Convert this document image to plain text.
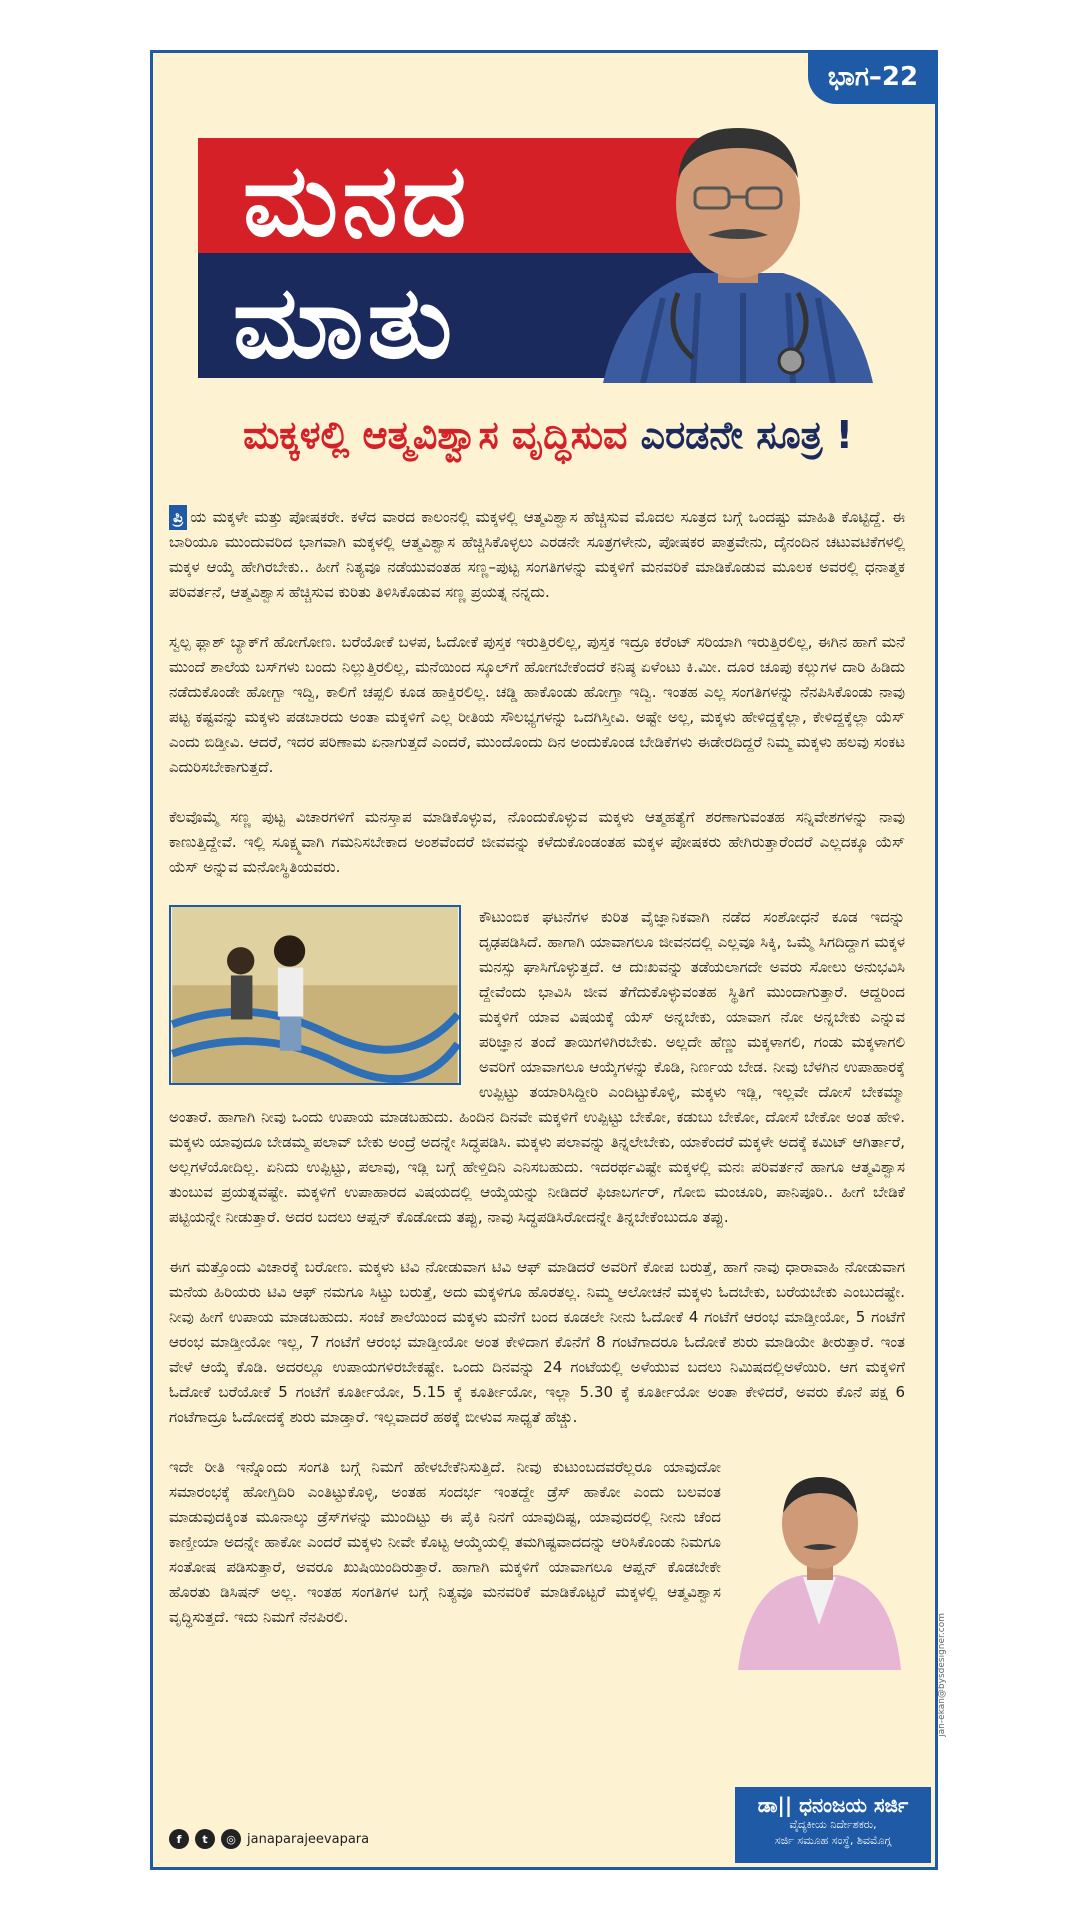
ಭಾಗ–22
ಮನದ
ಮಾತು
ಮಕ್ಕಳಲ್ಲಿ ಆತ್ಮವಿಶ್ವಾಸ ವೃದ್ಧಿಸುವ ಎರಡನೇ ಸೂತ್ರ !

ಪ್ರಿ ಯ ಮಕ್ಕಳೇ ಮತ್ತು ಪೋಷಕರೇ. ಕಳೆದ ವಾರದ ಕಾಲಂನಲ್ಲಿ ಮಕ್ಕಳಲ್ಲಿ ಆತ್ಮವಿಶ್ವಾಸ ಹೆಚ್ಚಿಸುವ ಮೊದಲ ಸೂತ್ರದ ಬಗ್ಗೆ ಒಂದಷ್ಟು ಮಾಹಿತಿ ಕೊಟ್ಟಿದ್ದೆ. ಈ ಬಾರಿಯೂ ಮುಂದುವರಿದ ಭಾಗವಾಗಿ ಮಕ್ಕಳಲ್ಲಿ ಆತ್ಮವಿಶ್ವಾಸ ಹೆಚ್ಚಿಸಿಕೊಳ್ಳಲು ಎರಡನೇ ಸೂತ್ರಗಳೇನು, ಪೋಷಕರ ಪಾತ್ರವೇನು, ದೈನಂದಿನ ಚಟುವಟಿಕೆಗಳಲ್ಲಿ ಮಕ್ಕಳ ಆಯ್ಕೆ ಹೇಗಿರಬೇಕು.. ಹೀಗೆ ನಿತ್ಯವೂ ನಡೆಯುವಂತಹ ಸಣ್ಣ–ಪುಟ್ಟ ಸಂಗತಿಗಳನ್ನು ಮಕ್ಕಳಿಗೆ ಮನವರಿಕೆ ಮಾಡಿಕೊಡುವ ಮೂಲಕ ಅವರಲ್ಲಿ ಧನಾತ್ಮಕ ಪರಿವರ್ತನೆ, ಆತ್ಮವಿಶ್ವಾಸ ಹೆಚ್ಚಿಸುವ ಕುರಿತು ತಿಳಿಸಿಕೊಡುವ ಸಣ್ಣ ಪ್ರಯತ್ನ ನನ್ನದು.

ಸ್ವಲ್ಪ ಫ್ಲಾಶ್ ಬ್ಯಾಕ್‌ಗೆ ಹೋಗೋಣ. ಬರೆಯೋಕೆ ಬಳಪ, ಓದೋಕೆ ಪುಸ್ತಕ ಇರುತ್ತಿರಲಿಲ್ಲ, ಪುಸ್ತಕ ಇದ್ರೂ ಕರೆಂಟ್ ಸರಿಯಾಗಿ ಇರುತ್ತಿರಲಿಲ್ಲ, ಈಗಿನ ಹಾಗೆ ಮನೆ ಮುಂದೆ ಶಾಲೆಯ ಬಸ್‌ಗಳು ಬಂದು ನಿಲ್ಲುತ್ತಿರಲಿಲ್ಲ, ಮನೆಯಿಂದ ಸ್ಕೂಲ್‌ಗೆ ಹೋಗಬೇಕೆಂದರೆ ಕನಿಷ್ಠ ಏಳೆಂಟು ಕಿ.ಮೀ. ದೂರ ಚೂಪು ಕಲ್ಲುಗಳ ದಾರಿ ಹಿಡಿದು ನಡೆದುಕೊಂಡೇ ಹೋಗ್ಬಾ ಇದ್ವಿ, ಕಾಲಿಗೆ ಚಪ್ಪಲಿ ಕೂಡ ಹಾಕ್ತಿರಲಿಲ್ಲ. ಚಡ್ಡಿ ಹಾಕೊಂಡು ಹೋಗ್ತಾ ಇದ್ವಿ. ಇಂತಹ ಎಲ್ಲ ಸಂಗತಿಗಳನ್ನು ನೆನಪಿಸಿಕೊಂಡು ನಾವು ಪಟ್ಟ ಕಷ್ಟವನ್ನು ಮಕ್ಕಳು ಪಡಬಾರದು ಅಂತಾ ಮಕ್ಕಳಿಗೆ ಎಲ್ಲ ರೀತಿಯ ಸೌಲಭ್ಯಗಳನ್ನು ಒದಗಿಸ್ತೀವಿ. ಅಷ್ಟೇ ಅಲ್ಲ, ಮಕ್ಕಳು ಹೇಳಿದ್ದಕ್ಕೆಲ್ಲಾ, ಕೇಳಿದ್ದಕ್ಕೆಲ್ಲಾ ಯೆಸ್ ಎಂದು ಬಿಡ್ತೀವಿ. ಆದರೆ, ಇದರ ಪರಿಣಾಮ ಏನಾಗುತ್ತದೆ ಎಂದರೆ, ಮುಂದೊಂದು ದಿನ ಅಂದುಕೊಂಡ ಬೇಡಿಕೆಗಳು ಈಡೇರದಿದ್ದರೆ ನಿಮ್ಮ ಮಕ್ಕಳು ಹಲವು ಸಂಕಟ ಎದುರಿಸಬೇಕಾಗುತ್ತದೆ.

ಕೆಲವೊಮ್ಮೆ ಸಣ್ಣ ಪುಟ್ಟ ವಿಚಾರಗಳಿಗೆ ಮನಸ್ತಾಪ ಮಾಡಿಕೊಳ್ಳುವ, ನೊಂದುಕೊಳ್ಳುವ ಮಕ್ಕಳು ಆತ್ಮಹತ್ಯೆಗೆ ಶರಣಾಗುವಂತಹ ಸನ್ನಿವೇಶಗಳನ್ನು ನಾವು ಕಾಣುತ್ತಿದ್ದೇವೆ. ಇಲ್ಲಿ ಸೂಕ್ಷ್ಮವಾಗಿ ಗಮನಿಸಬೇಕಾದ ಅಂಶವೆಂದರೆ ಜೀವವನ್ನು ಕಳೆದುಕೊಂಡಂತಹ ಮಕ್ಕಳ ಪೋಷಕರು ಹೇಗಿರುತ್ತಾರೆಂದರೆ ಎಲ್ಲದಕ್ಕೂ ಯೆಸ್ ಯೆಸ್ ಅನ್ನುವ ಮನೋಸ್ಥಿತಿಯವರು.

ಕೌಟುಂಬಿಕ ಘಟನೆಗಳ ಕುರಿತ ವೈಜ್ಞಾನಿಕವಾಗಿ ನಡೆದ ಸಂಶೋಧನೆ ಕೂಡ ಇದನ್ನು ದೃಢಪಡಿಸಿದೆ. ಹಾಗಾಗಿ ಯಾವಾಗಲೂ ಜೀವನದಲ್ಲಿ ಎಲ್ಲವೂ ಸಿಕ್ಕಿ, ಒಮ್ಮೆ ಸಿಗದಿದ್ದಾಗ ಮಕ್ಕಳ ಮನಸ್ಸು ಘಾಸಿಗೊಳ್ಳುತ್ತದೆ. ಆ ದುಃಖವನ್ನು ತಡೆಯಲಾಗದೇ ಅವರು ಸೋಲು ಅನುಭವಿಸಿ ದ್ದೇವೆಂದು ಭಾವಿಸಿ ಜೀವ ತೆಗೆದುಕೊಳ್ಳುವಂತಹ ಸ್ಥಿತಿಗೆ ಮುಂದಾಗುತ್ತಾರೆ. ಆದ್ದರಿಂದ ಮಕ್ಕಳಿಗೆ ಯಾವ ವಿಷಯಕ್ಕೆ ಯೆಸ್ ಅನ್ನಬೇಕು, ಯಾವಾಗ ನೋ ಅನ್ನಬೇಕು ಎನ್ನುವ ಪರಿಜ್ಞಾನ ತಂದೆ ತಾಯಿಗಳಿಗಿರಬೇಕು. ಅಲ್ಲದೇ ಹೆಣ್ಣು ಮಕ್ಕಳಾಗಲಿ, ಗಂಡು ಮಕ್ಕಳಾಗಲಿ ಅವರಿಗೆ ಯಾವಾಗಲೂ ಆಯ್ಕೆಗಳನ್ನು ಕೊಡಿ, ನಿರ್ಣಯ ಬೇಡ. ನೀವು ಬೆಳಗಿನ ಉಪಾಹಾರಕ್ಕೆ ಉಪ್ಪಿಟ್ಟು ತಯಾರಿಸಿದ್ದೀರಿ ಎಂದಿಟ್ಟುಕೊಳ್ಳಿ, ಮಕ್ಕಳು ಇಡ್ಲಿ, ಇಲ್ಲವೇ ದೋಸೆ ಬೇಕಮ್ಮಾ ಅಂತಾರೆ. ಹಾಗಾಗಿ ನೀವು ಒಂದು ಉಪಾಯ ಮಾಡಬಹುದು. ಹಿಂದಿನ ದಿನವೇ ಮಕ್ಕಳಿಗೆ ಉಪ್ಪಿಟ್ಟು ಬೇಕೋ, ಕಡುಬು ಬೇಕೋ, ದೋಸೆ ಬೇಕೋ ಅಂತ ಹೇಳಿ. ಮಕ್ಕಳು ಯಾವುದೂ ಬೇಡಮ್ಮ ಪಲಾವ್ ಬೇಕು ಅಂದ್ರೆ ಅದನ್ನೇ ಸಿದ್ಧಪಡಿಸಿ. ಮಕ್ಕಳು ಪಲಾವನ್ನು ತಿನ್ನಲೇಬೇಕು, ಯಾಕೆಂದರೆ ಮಕ್ಕಳೇ ಅದಕ್ಕೆ ಕಮಿಟ್ ಆಗಿರ್ತಾರೆ, ಅಲ್ಲಗಳೆಯೋದಿಲ್ಲ. ಏನಿದು ಉಪ್ಪಿಟ್ಟು, ಪಲಾವು, ಇಡ್ಲಿ ಬಗ್ಗೆ ಹೇಳ್ತಿದಿನಿ ಎನಿಸಬಹುದು. ಇದರರ್ಥವಿಷ್ಟೇ ಮಕ್ಕಳಲ್ಲಿ ಮನಃ ಪರಿವರ್ತನೆ ಹಾಗೂ ಆತ್ಮವಿಶ್ವಾಸ ತುಂಬುವ ಪ್ರಯತ್ನವಷ್ಟೇ. ಮಕ್ಕಳಿಗೆ ಉಪಾಹಾರದ ವಿಷಯದಲ್ಲಿ ಆಯ್ಕೆಯನ್ನು ನೀಡಿದರೆ ಫಿಜಾಬರ್ಗರ್, ಗೋಬಿ ಮಂಚೂರಿ, ಪಾನಿಪೂರಿ.. ಹೀಗೆ ಬೇಡಿಕೆ ಪಟ್ಟಿಯನ್ನೇ ನೀಡುತ್ತಾರೆ. ಅದರ ಬದಲು ಆಪ್ಷನ್ ಕೊಡೋದು ತಪ್ಪು, ನಾವು ಸಿದ್ಧಪಡಿಸಿರೋದನ್ನೇ ತಿನ್ನಬೇಕೆಂಬುದೂ ತಪ್ಪು.

ಈಗ ಮತ್ತೊಂದು ವಿಚಾರಕ್ಕೆ ಬರೋಣ. ಮಕ್ಕಳು ಟಿವಿ ನೋಡುವಾಗ ಟಿವಿ ಆಫ್ ಮಾಡಿದರೆ ಅವರಿಗೆ ಕೋಪ ಬರುತ್ತೆ, ಹಾಗೆ ನಾವು ಧಾರಾವಾಹಿ ನೋಡುವಾಗ ಮನೆಯ ಹಿರಿಯರು ಟಿವಿ ಆಫ್ ನಮಗೂ ಸಿಟ್ಟು ಬರುತ್ತೆ, ಅದು ಮಕ್ಕಳಿಗೂ ಹೊರತಲ್ಲ. ನಿಮ್ಮ ಆಲೋಚನೆ ಮಕ್ಕಳು ಓದಬೇಕು, ಬರೆಯಬೇಕು ಎಂಬುದಷ್ಟೇ. ನೀವು ಹೀಗೆ ಉಪಾಯ ಮಾಡಬಹುದು. ಸಂಜೆ ಶಾಲೆಯಿಂದ ಮಕ್ಕಳು ಮನೆಗೆ ಬಂದ ಕೂಡಲೇ ನೀನು ಓದೋಕೆ 4 ಗಂಟೆಗೆ ಆರಂಭ ಮಾಡ್ತೀಯೋ, 5 ಗಂಟೆಗೆ ಆರಂಭ ಮಾಡ್ತೀಯೋ ಇಲ್ಲ, 7 ಗಂಟೆಗೆ ಆರಂಭ ಮಾಡ್ತೀಯೋ ಅಂತ ಕೇಳಿದಾಗ ಕೊನೆಗೆ 8 ಗಂಟೆಗಾದರೂ ಓದೋಕೆ ಶುರು ಮಾಡಿಯೇ ತೀರುತ್ತಾರೆ. ಇಂತ ವೇಳೆ ಆಯ್ಕೆ ಕೊಡಿ. ಅದರಲ್ಲೂ ಉಪಾಯಗಳಿರಬೇಕಷ್ಟೇ. ಒಂದು ದಿನವನ್ನು 24 ಗಂಟೆಯಲ್ಲಿ ಅಳೆಯುವ ಬದಲು ನಿಮಿಷದಲ್ಲಿಅಳೆಯಿರಿ. ಆಗ ಮಕ್ಕಳಿಗೆ ಓದೋಕೆ ಬರೆಯೋಕೆ 5 ಗಂಟೆಗೆ ಕೂರ್ತೀಯೋ, 5.15 ಕ್ಕೆ ಕೂರ್ತೀಯೋ, ಇಲ್ಲಾ 5.30 ಕ್ಕೆ ಕೂರ್ತೀಯೋ ಅಂತಾ ಕೇಳಿದರೆ, ಅವರು ಕೊನೆ ಪಕ್ಷ 6 ಗಂಟೆಗಾದ್ರೂ ಓದೋದಕ್ಕೆ ಶುರು ಮಾಡ್ತಾರೆ. ಇಲ್ಲವಾದರೆ ಹಠಕ್ಕೆ ಬೀಳುವ ಸಾಧ್ಯತೆ ಹೆಚ್ಚು.

ಇದೇ ರೀತಿ ಇನ್ನೊಂದು ಸಂಗತಿ ಬಗ್ಗೆ ನಿಮಗೆ ಹೇಳಬೇಕೆನಿಸುತ್ತಿದೆ. ನೀವು ಕುಟುಂಬದವರೆಲ್ಲರೂ ಯಾವುದೋ ಸಮಾರಂಭಕ್ಕೆ ಹೋಗ್ತಿದಿರಿ ಎಂತಿಟ್ಟುಕೊಳ್ಳಿ, ಅಂತಹ ಸಂದರ್ಭ ಇಂತದ್ದೇ ಡ್ರೆಸ್ ಹಾಕೋ ಎಂದು ಬಲವಂತ ಮಾಡುವುದಕ್ಕಿಂತ ಮೂನಾಲ್ಕು ಡ್ರೆಸ್‌ಗಳನ್ನು ಮುಂದಿಟ್ಟು ಈ ಪೈಕಿ ನಿನಗೆ ಯಾವುದಿಷ್ಟ, ಯಾವುದರಲ್ಲಿ ನೀನು ಚೆಂದ ಕಾಣ್ತೀಯಾ ಅದನ್ನೇ ಹಾಕೋ ಎಂದರೆ ಮಕ್ಕಳು ನೀವೇ ಕೊಟ್ಟ ಆಯ್ಕೆಯಲ್ಲಿ ತಮಗಿಷ್ಟವಾದದನ್ನು ಆರಿಸಿಕೊಂಡು ನಿಮಗೂ ಸಂತೋಷ ಪಡಿಸುತ್ತಾರೆ, ಅವರೂ ಖುಷಿಯಿಂದಿರುತ್ತಾರೆ. ಹಾಗಾಗಿ ಮಕ್ಕಳಿಗೆ ಯಾವಾಗಲೂ ಆಪ್ಷನ್ ಕೊಡಬೇಕೇ ಹೊರತು ಡಿಸಿಷನ್ ಅಲ್ಲ. ಇಂತಹ ಸಂಗತಿಗಳ ಬಗ್ಗೆ ನಿತ್ಯವೂ ಮನವರಿಕೆ ಮಾಡಿಕೊಟ್ಟರೆ ಮಕ್ಕಳಲ್ಲಿ ಆತ್ಮವಿಶ್ವಾಸ ವೃದ್ಧಿಸುತ್ತದೆ. ಇದು ನಿಮಗೆ ನೆನಪಿರಲಿ.

ಡಾ|| ಧನಂಜಯ ಸರ್ಜಿ
ವೈದ್ಯಕೀಯ ನಿರ್ದೇಶಕರು,
ಸರ್ಜಿ ಸಮೂಹ ಸಂಸ್ಥೆ, ಶಿವಮೊಗ್ಗ
f	t	◎ janaparajeevapara
jan-ekan@bysdesigner.com
